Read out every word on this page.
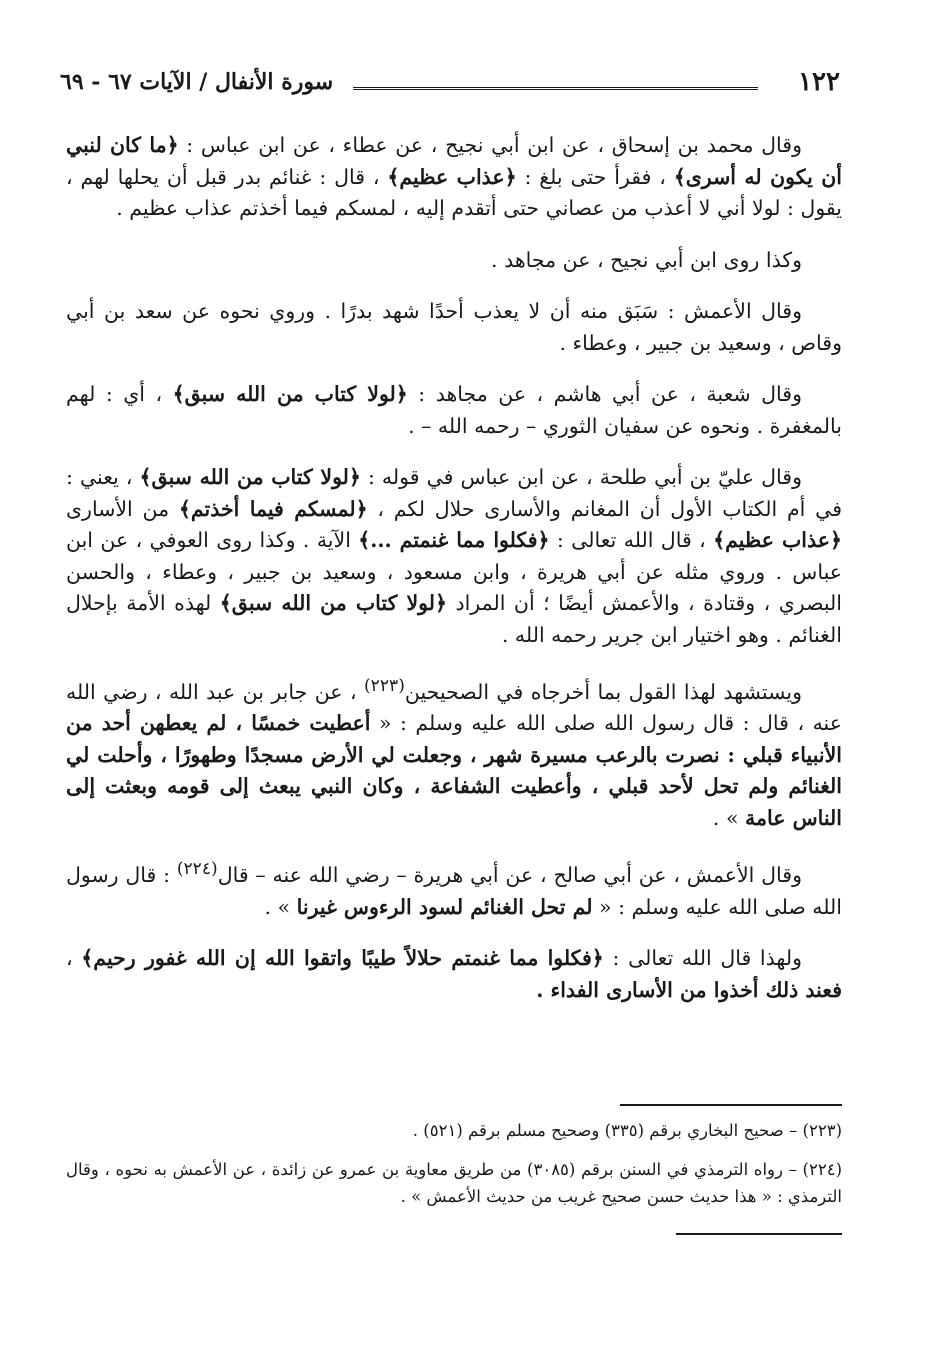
١٢٢
سورة الأنفال / الآيات ٦٧ - ٦٩

وقال محمد بن إسحاق ، عن ابن أبي نجيح ، عن عطاء ، عن ابن عباس : ﴿ما كان لنبي أن يكون له أسرى﴾ ، فقرأ حتى بلغ : ﴿عذاب عظيم﴾ ، قال : غنائم بدر قبل أن يحلها لهم ، يقول : لولا أني لا أعذب من عصاني حتى أتقدم إليه ، لمسكم فيما أخذتم عذاب عظيم .

وكذا روى ابن أبي نجيح ، عن مجاهد .

وقال الأعمش : سَبَق منه أن لا يعذب أحدًا شهد بدرًا . وروي نحوه عن سعد بن أبي وقاص ، وسعيد بن جبير ، وعطاء .

وقال شعبة ، عن أبي هاشم ، عن مجاهد : ﴿لولا كتاب من الله سبق﴾ ، أي : لهم بالمغفرة . ونحوه عن سفيان الثوري – رحمه الله – .

وقال عليّ بن أبي طلحة ، عن ابن عباس في قوله : ﴿لولا كتاب من الله سبق﴾ ، يعني : في أم الكتاب الأول أن المغانم والأسارى حلال لكم ، ﴿لمسكم فيما أخذتم﴾ من الأسارى ﴿عذاب عظيم﴾ ، قال الله تعالى : ﴿فكلوا مما غنمتم ...﴾ الآية . وكذا روى العوفي ، عن ابن عباس . وروي مثله عن أبي هريرة ، وابن مسعود ، وسعيد بن جبير ، وعطاء ، والحسن البصري ، وقتادة ، والأعمش أيضًا ؛ أن المراد ﴿لولا كتاب من الله سبق﴾ لهذه الأمة بإحلال الغنائم . وهو اختيار ابن جرير رحمه الله .

ويستشهد لهذا القول بما أخرجاه في الصحيحين$^{(٢٢٣)}$ ، عن جابر بن عبد الله ، رضي الله عنه ، قال : قال رسول الله صلى الله عليه وسلم : « أعطيت خمسًا ، لم يعطهن أحد من الأنبياء قبلي : نصرت بالرعب مسيرة شهر ، وجعلت لي الأرض مسجدًا وطهورًا ، وأحلت لي الغنائم ولم تحل لأحد قبلي ، وأعطيت الشفاعة ، وكان النبي يبعث إلى قومه وبعثت إلى الناس عامة » .

وقال الأعمش ، عن أبي صالح ، عن أبي هريرة – رضي الله عنه – قال$^{(٢٢٤)}$ : قال رسول الله صلى الله عليه وسلم : « لم تحل الغنائم لسود الرءوس غيرنا » .

ولهذا قال الله تعالى : ﴿فكلوا مما غنمتم حلالاً طيبًا واتقوا الله إن الله غفور رحيم﴾ ، فعند ذلك أخذوا من الأسارى الفداء .

(٢٢٣) – صحيح البخاري برقم (٣٣٥) وصحيح مسلم برقم (٥٢١) .

(٢٢٤) – رواه الترمذي في السنن برقم (٣٠٨٥) من طريق معاوية بن عمرو عن زائدة ، عن الأعمش به نحوه ، وقال الترمذي : « هذا حديث حسن صحيح غريب من حديث الأعمش » .
